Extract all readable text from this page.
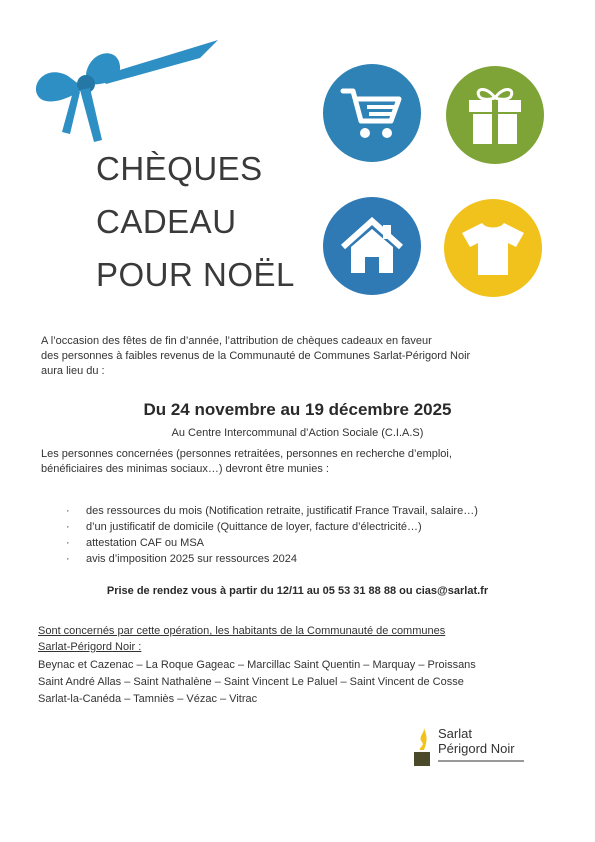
CHÈQUES
CADEAU
POUR NOËL
A l’occasion des fêtes de fin d’année, l’attribution de chèques cadeaux en faveur
des personnes à faibles revenus de la Communauté de Communes Sarlat-Périgord Noir
aura lieu du :
Du 24 novembre au 19 décembre 2025
Au Centre Intercommunal d’Action Sociale (C.I.A.S)
Les personnes concernées (personnes retraitées, personnes en recherche d’emploi,
bénéficiaires des minimas sociaux…) devront être munies :
· des ressources du mois (Notification retraite, justificatif France Travail, salaire…)
· d’un justificatif de domicile (Quittance de loyer, facture d’électricité…)
· attestation CAF ou MSA
· avis d’imposition 2025 sur ressources 2024
Prise de rendez vous à partir du 12/11 au 05 53 31 88 88 ou cias@sarlat.fr
Sont concernés par cette opération, les habitants de la Communauté de communes
Sarlat-Périgord Noir :
Beynac et Cazenac – La Roque Gageac – Marcillac Saint Quentin – Marquay – Proissans
Saint André Allas – Saint Nathalène – Saint Vincent Le Paluel – Saint Vincent de Cosse
Sarlat-la-Canéda – Tamniès – Vézac – Vitrac
Sarlat
Périgord Noir
